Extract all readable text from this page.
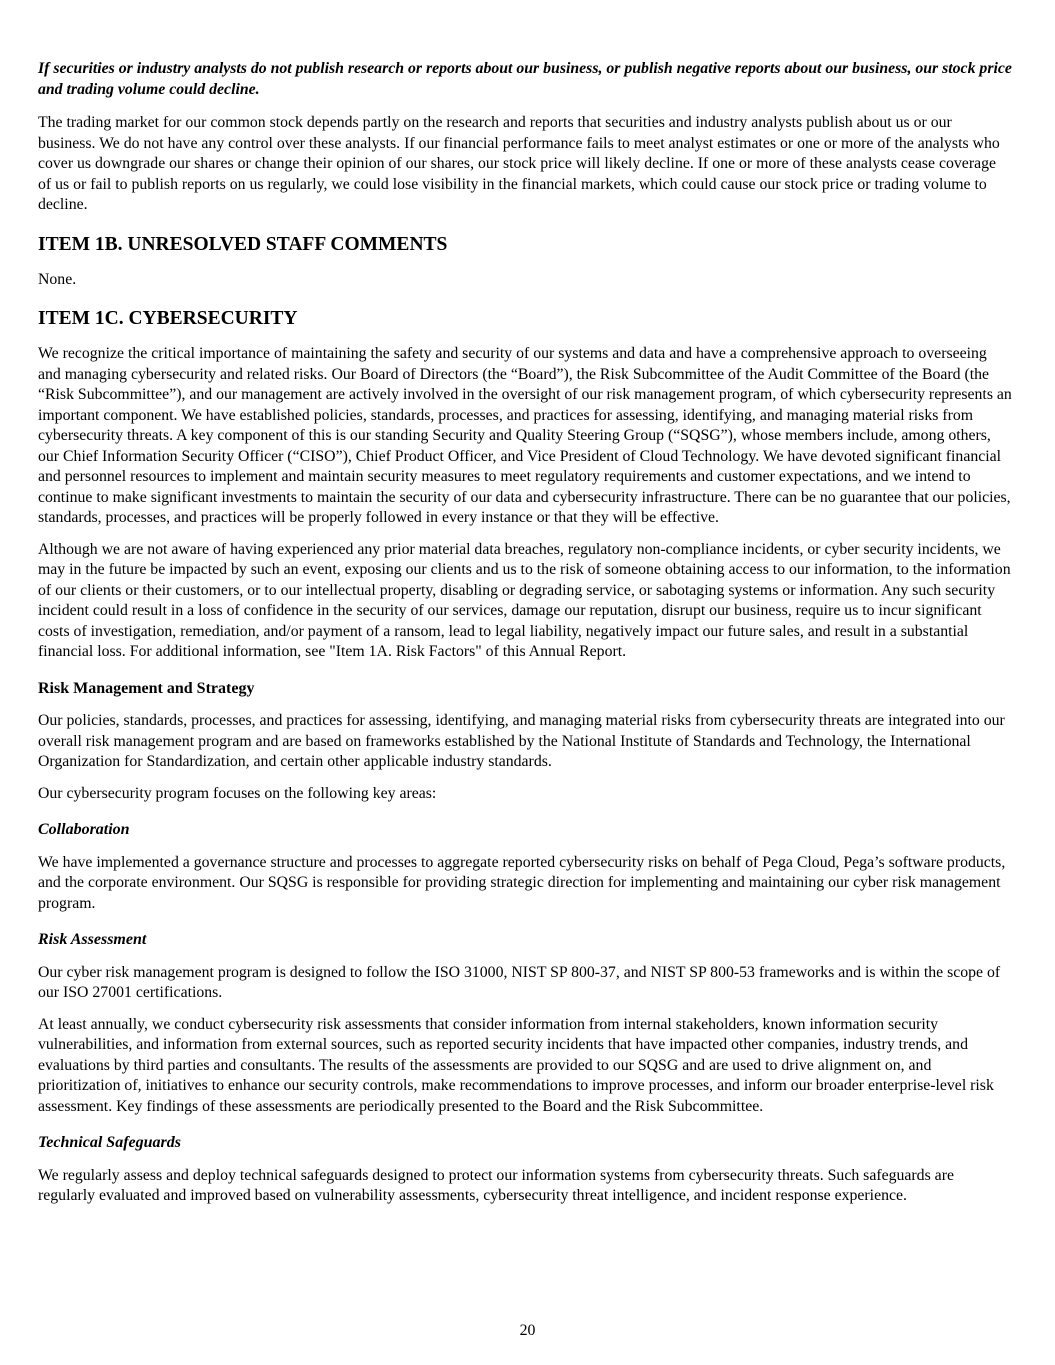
If securities or industry analysts do not publish research or reports about our business, or publish negative reports about our business, our stock price and trading volume could decline.

The trading market for our common stock depends partly on the research and reports that securities and industry analysts publish about us or our business. We do not have any control over these analysts. If our financial performance fails to meet analyst estimates or one or more of the analysts who cover us downgrade our shares or change their opinion of our shares, our stock price will likely decline. If one or more of these analysts cease coverage of us or fail to publish reports on us regularly, we could lose visibility in the financial markets, which could cause our stock price or trading volume to decline.

ITEM 1B. UNRESOLVED STAFF COMMENTS

None.

ITEM 1C. CYBERSECURITY

We recognize the critical importance of maintaining the safety and security of our systems and data and have a comprehensive approach to overseeing and managing cybersecurity and related risks. Our Board of Directors (the “Board”), the Risk Subcommittee of the Audit Committee of the Board (the “Risk Subcommittee”), and our management are actively involved in the oversight of our risk management program, of which cybersecurity represents an important component. We have established policies, standards, processes, and practices for assessing, identifying, and managing material risks from cybersecurity threats. A key component of this is our standing Security and Quality Steering Group (“SQSG”), whose members include, among others, our Chief Information Security Officer (“CISO”), Chief Product Officer, and Vice President of Cloud Technology. We have devoted significant financial and personnel resources to implement and maintain security measures to meet regulatory requirements and customer expectations, and we intend to continue to make significant investments to maintain the security of our data and cybersecurity infrastructure. There can be no guarantee that our policies, standards, processes, and practices will be properly followed in every instance or that they will be effective.

Although we are not aware of having experienced any prior material data breaches, regulatory non-compliance incidents, or cyber security incidents, we may in the future be impacted by such an event, exposing our clients and us to the risk of someone obtaining access to our information, to the information of our clients or their customers, or to our intellectual property, disabling or degrading service, or sabotaging systems or information. Any such security incident could result in a loss of confidence in the security of our services, damage our reputation, disrupt our business, require us to incur significant costs of investigation, remediation, and/or payment of a ransom, lead to legal liability, negatively impact our future sales, and result in a substantial financial loss. For additional information, see "Item 1A. Risk Factors" of this Annual Report.

Risk Management and Strategy

Our policies, standards, processes, and practices for assessing, identifying, and managing material risks from cybersecurity threats are integrated into our overall risk management program and are based on frameworks established by the National Institute of Standards and Technology, the International Organization for Standardization, and certain other applicable industry standards.

Our cybersecurity program focuses on the following key areas:

Collaboration

We have implemented a governance structure and processes to aggregate reported cybersecurity risks on behalf of Pega Cloud, Pega’s software products, and the corporate environment. Our SQSG is responsible for providing strategic direction for implementing and maintaining our cyber risk management program.

Risk Assessment

Our cyber risk management program is designed to follow the ISO 31000, NIST SP 800-37, and NIST SP 800-53 frameworks and is within the scope of our ISO 27001 certifications.

At least annually, we conduct cybersecurity risk assessments that consider information from internal stakeholders, known information security vulnerabilities, and information from external sources, such as reported security incidents that have impacted other companies, industry trends, and evaluations by third parties and consultants. The results of the assessments are provided to our SQSG and are used to drive alignment on, and prioritization of, initiatives to enhance our security controls, make recommendations to improve processes, and inform our broader enterprise-level risk assessment. Key findings of these assessments are periodically presented to the Board and the Risk Subcommittee.

Technical Safeguards

We regularly assess and deploy technical safeguards designed to protect our information systems from cybersecurity threats. Such safeguards are regularly evaluated and improved based on vulnerability assessments, cybersecurity threat intelligence, and incident response experience.

20
